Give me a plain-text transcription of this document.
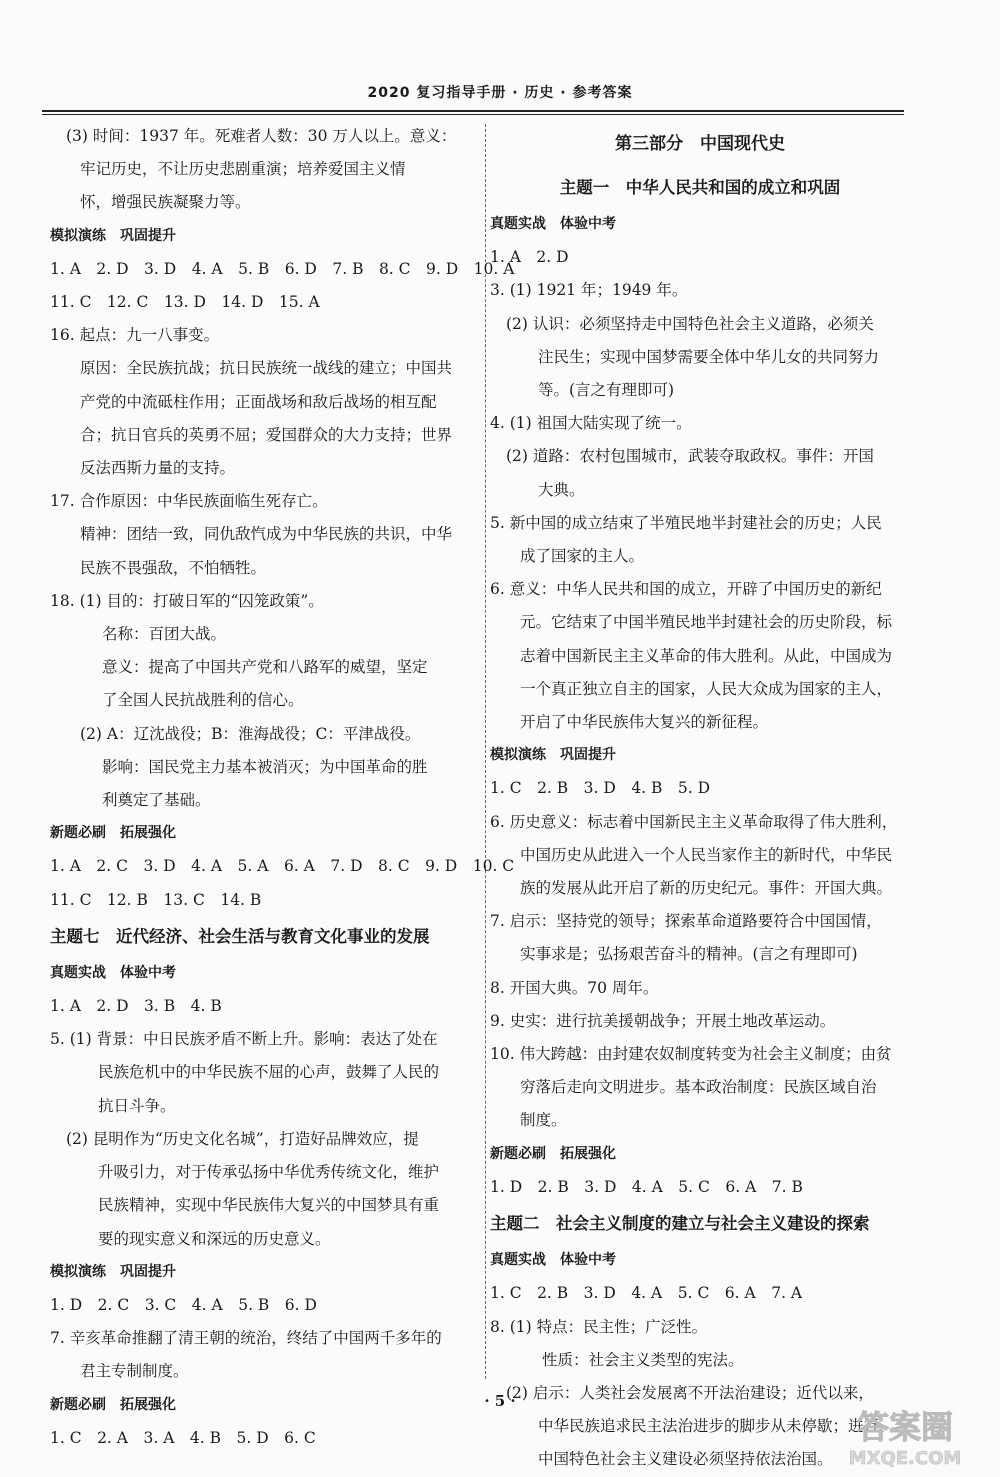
2020 复习指导手册 · 历史 · 参考答案
(3) 时间：1937 年。死难者人数：30 万人以上。意义：
牢记历史，不让历史悲剧重演；培养爱国主义情
怀，增强民族凝聚力等。
模拟演练　巩固提升
1. A　2. D　3. D　4. A　5. B　6. D　7. B　8. C　9. D　10. A
11. C　12. C　13. D　14. D　15. A
16. 起点：九一八事变。
原因：全民族抗战；抗日民族统一战线的建立；中国共
产党的中流砥柱作用；正面战场和敌后战场的相互配
合；抗日官兵的英勇不屈；爱国群众的大力支持；世界
反法西斯力量的支持。
17. 合作原因：中华民族面临生死存亡。
精神：团结一致，同仇敌忾成为中华民族的共识，中华
民族不畏强敌，不怕牺牲。
18. (1) 目的：打破日军的“囚笼政策”。
名称：百团大战。
意义：提高了中国共产党和八路军的威望，坚定
了全国人民抗战胜利的信心。
(2) A：辽沈战役；B：淮海战役；C：平津战役。
影响：国民党主力基本被消灭；为中国革命的胜
利奠定了基础。
新题必刷　拓展强化
1. A　2. C　3. D　4. A　5. A　6. A　7. D　8. C　9. D　10. C
11. C　12. B　13. C　14. B
主题七　近代经济、社会生活与教育文化事业的发展
真题实战　体验中考
1. A　2. D　3. B　4. B
5. (1) 背景：中日民族矛盾不断上升。影响：表达了处在
民族危机中的中华民族不屈的心声，鼓舞了人民的
抗日斗争。
(2) 昆明作为“历史文化名城”，打造好品牌效应，提
升吸引力，对于传承弘扬中华优秀传统文化，维护
民族精神，实现中华民族伟大复兴的中国梦具有重
要的现实意义和深远的历史意义。
模拟演练　巩固提升
1. D　2. C　3. C　4. A　5. B　6. D
7. 辛亥革命推翻了清王朝的统治，终结了中国两千多年的
君主专制制度。
新题必刷　拓展强化
1. C　2. A　3. A　4. B　5. D　6. C
第三部分　中国现代史
主题一　中华人民共和国的成立和巩固
真题实战　体验中考
1. A　2. D
3. (1) 1921 年；1949 年。
(2) 认识：必须坚持走中国特色社会主义道路，必须关
注民生；实现中国梦需要全体中华儿女的共同努力
等。(言之有理即可)
4. (1) 祖国大陆实现了统一。
(2) 道路：农村包围城市，武装夺取政权。事件：开国
大典。
5. 新中国的成立结束了半殖民地半封建社会的历史；人民
成了国家的主人。
6. 意义：中华人民共和国的成立，开辟了中国历史的新纪
元。它结束了中国半殖民地半封建社会的历史阶段，标
志着中国新民主主义革命的伟大胜利。从此，中国成为
一个真正独立自主的国家，人民大众成为国家的主人，
开启了中华民族伟大复兴的新征程。
模拟演练　巩固提升
1. C　2. B　3. D　4. B　5. D
6. 历史意义：标志着中国新民主主义革命取得了伟大胜利，
中国历史从此进入一个人民当家作主的新时代，中华民
族的发展从此开启了新的历史纪元。事件：开国大典。
7. 启示：坚持党的领导；探索革命道路要符合中国国情，
实事求是；弘扬艰苦奋斗的精神。(言之有理即可)
8. 开国大典。70 周年。
9. 史实：进行抗美援朝战争；开展土地改革运动。
10. 伟大跨越：由封建农奴制度转变为社会主义制度；由贫
穷落后走向文明进步。基本政治制度：民族区域自治
制度。
新题必刷　拓展强化
1. D　2. B　3. D　4. A　5. C　6. A　7. B
主题二　社会主义制度的建立与社会主义建设的探索
真题实战　体验中考
1. C　2. B　3. D　4. A　5. C　6. A　7. A
8. (1) 特点：民主性；广泛性。
性质：社会主义类型的宪法。
(2) 启示：人类社会发展离不开法治建设；近代以来，
中华民族追求民主法治进步的脚步从未停歇；进行
中国特色社会主义建设必须坚持依法治国。
· 5 ·
答案圈
MXQE.COM
